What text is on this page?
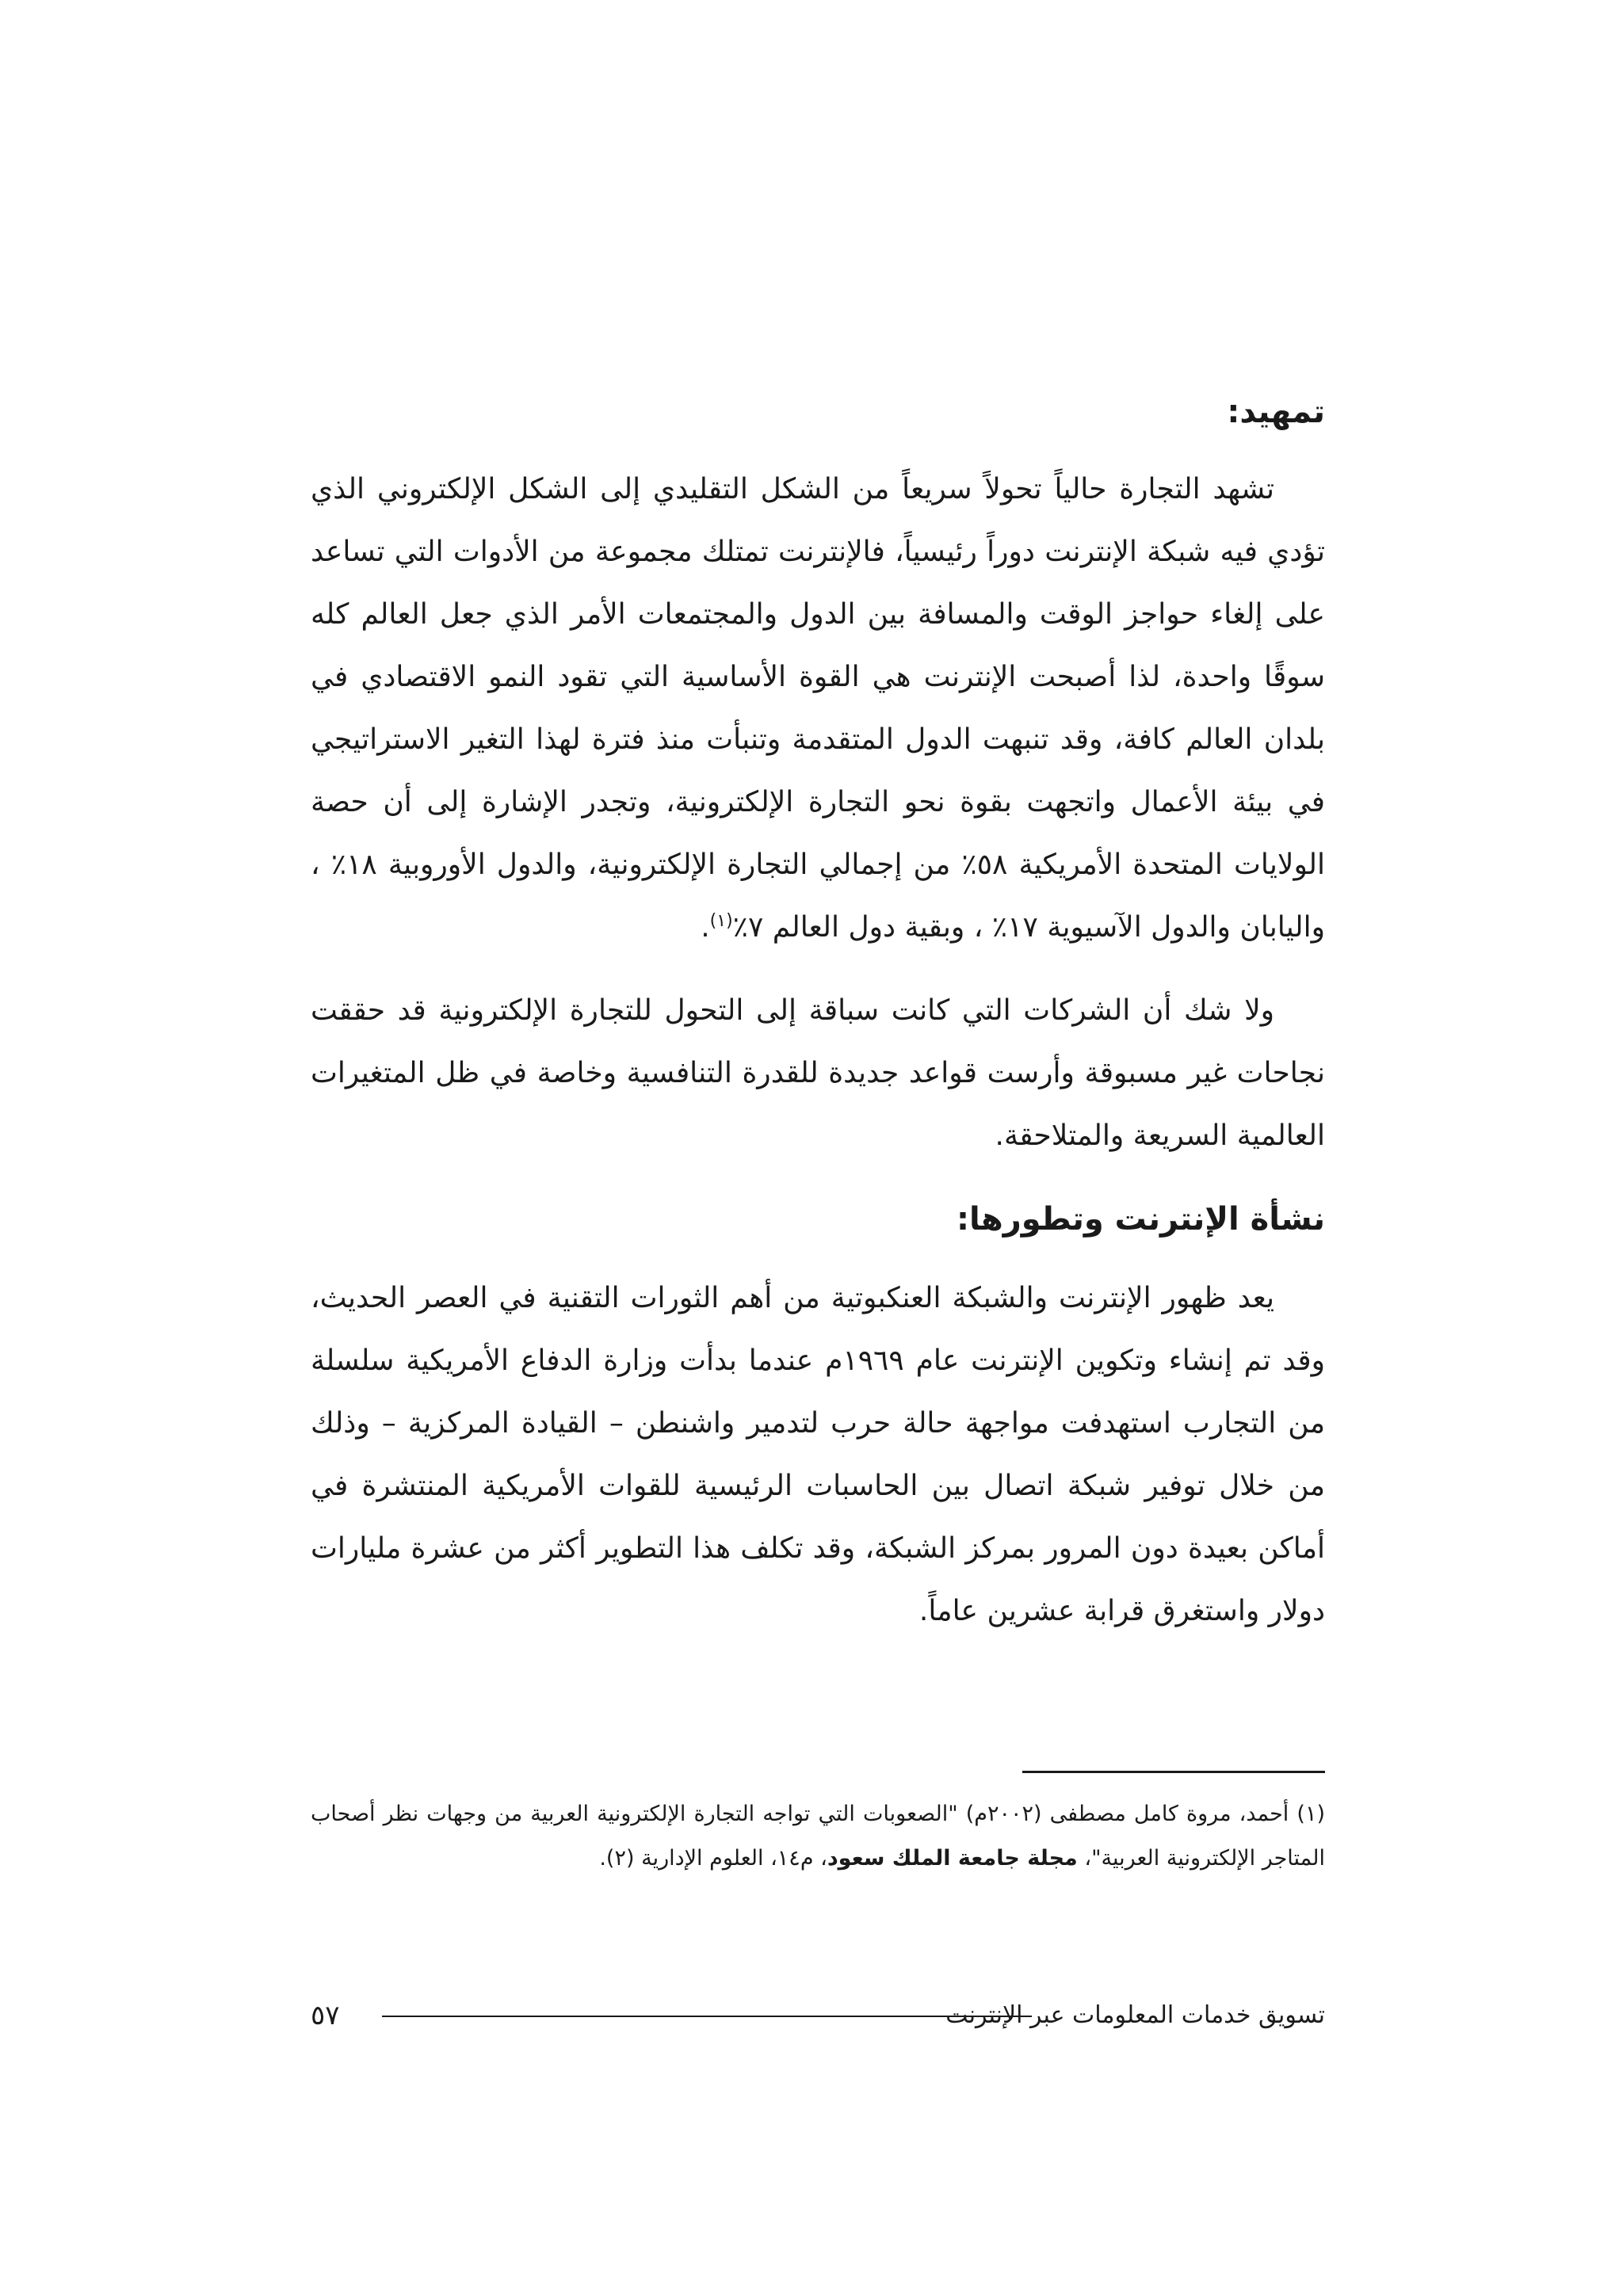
تمهيد:

تشهد التجارة حالياً تحولاً سريعاً من الشكل التقليدي إلى الشكل الإلكتروني الذي تؤدي فيه شبكة الإنترنت دوراً رئيسياً، فالإنترنت تمتلك مجموعة من الأدوات التي تساعد على إلغاء حواجز الوقت والمسافة بين الدول والمجتمعات الأمر الذي جعل العالم كله سوقًا واحدة، لذا أصبحت الإنترنت هي القوة الأساسية التي تقود النمو الاقتصادي في بلدان العالم كافة، وقد تنبهت الدول المتقدمة وتنبأت منذ فترة لهذا التغير الاستراتيجي في بيئة الأعمال واتجهت بقوة نحو التجارة الإلكترونية، وتجدر الإشارة إلى أن حصة الولايات المتحدة الأمريكية ٥٨٪ من إجمالي التجارة الإلكترونية، والدول الأوروبية ١٨٪ ، واليابان والدول الآسيوية ١٧٪ ، وبقية دول العالم ٧٪$^{(١)}$.

ولا شك أن الشركات التي كانت سباقة إلى التحول للتجارة الإلكترونية قد حققت نجاحات غير مسبوقة وأرست قواعد جديدة للقدرة التنافسية وخاصة في ظل المتغيرات العالمية السريعة والمتلاحقة.

نشأة الإنترنت وتطورها:

يعد ظهور الإنترنت والشبكة العنكبوتية من أهم الثورات التقنية في العصر الحديث، وقد تم إنشاء وتكوين الإنترنت عام ١٩٦٩م عندما بدأت وزارة الدفاع الأمريكية سلسلة من التجارب استهدفت مواجهة حالة حرب لتدمير واشنطن – القيادة المركزية – وذلك من خلال توفير شبكة اتصال بين الحاسبات الرئيسية للقوات الأمريكية المنتشرة في أماكن بعيدة دون المرور بمركز الشبكة، وقد تكلف هذا التطوير أكثر من عشرة مليارات دولار واستغرق قرابة عشرين عاماً.

(١) أحمد، مروة كامل مصطفى (٢٠٠٢م) "الصعوبات التي تواجه التجارة الإلكترونية العربية من وجهات نظر أصحاب المتاجر الإلكترونية العربية"، مجلة جامعة الملك سعود، م١٤، العلوم الإدارية (٢).
تسويق خدمات المعلومات عبر الإنترنت
٥٧
